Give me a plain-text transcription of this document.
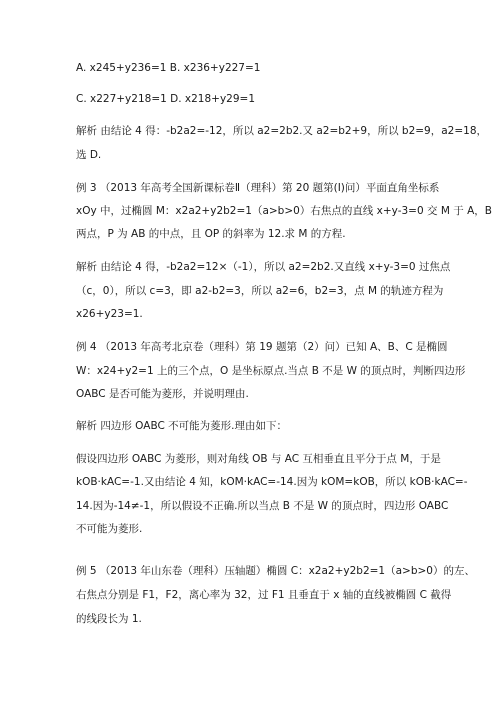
A. x245+y236=1 B. x236+y227=1
C. x227+y218=1 D. x218+y29=1
解析 由结论 4 得：-b2a2=-12，所以 a2=2b2.又 a2=b2+9，所以 b2=9，a2=18，
选 D.
例 3 （2013 年高考全国新课标卷Ⅱ（理科）第 20 题第(Ⅰ)问）平面直角坐标系
xOy 中，过椭圆 M：x2a2+y2b2=1（a>b>0）右焦点的直线 x+y-3=0 交 M 于 A，B
两点，P 为 AB 的中点，且 OP 的斜率为 12.求 M 的方程.
解析 由结论 4 得，-b2a2=12×（-1），所以 a2=2b2.又直线 x+y-3=0 过焦点
（c，0），所以 c=3，即 a2-b2=3，所以 a2=6，b2=3，点 M 的轨迹方程为
x26+y23=1.
例 4 （2013 年高考北京卷（理科）第 19 题第（2）问）已知 A、B、C 是椭圆
W：x24+y2=1 上的三个点，O 是坐标原点.当点 B 不是 W 的顶点时，判断四边形
OABC 是否可能为菱形，并说明理由.
解析 四边形 OABC 不可能为菱形.理由如下：
假设四边形 OABC 为菱形，则对角线 OB 与 AC 互相垂直且平分于点 M，于是
kOB·kAC=-1.又由结论 4 知，kOM·kAC=-14.因为 kOM=kOB，所以 kOB·kAC=-
14.因为-14≠-1，所以假设不正确.所以当点 B 不是 W 的顶点时，四边形 OABC
不可能为菱形.
例 5 （2013 年山东卷（理科）压轴题）椭圆 C：x2a2+y2b2=1（a>b>0）的左、
右焦点分别是 F1，F2，离心率为 32，过 F1 且垂直于 x 轴的直线被椭圆 C 截得
的线段长为 1.
